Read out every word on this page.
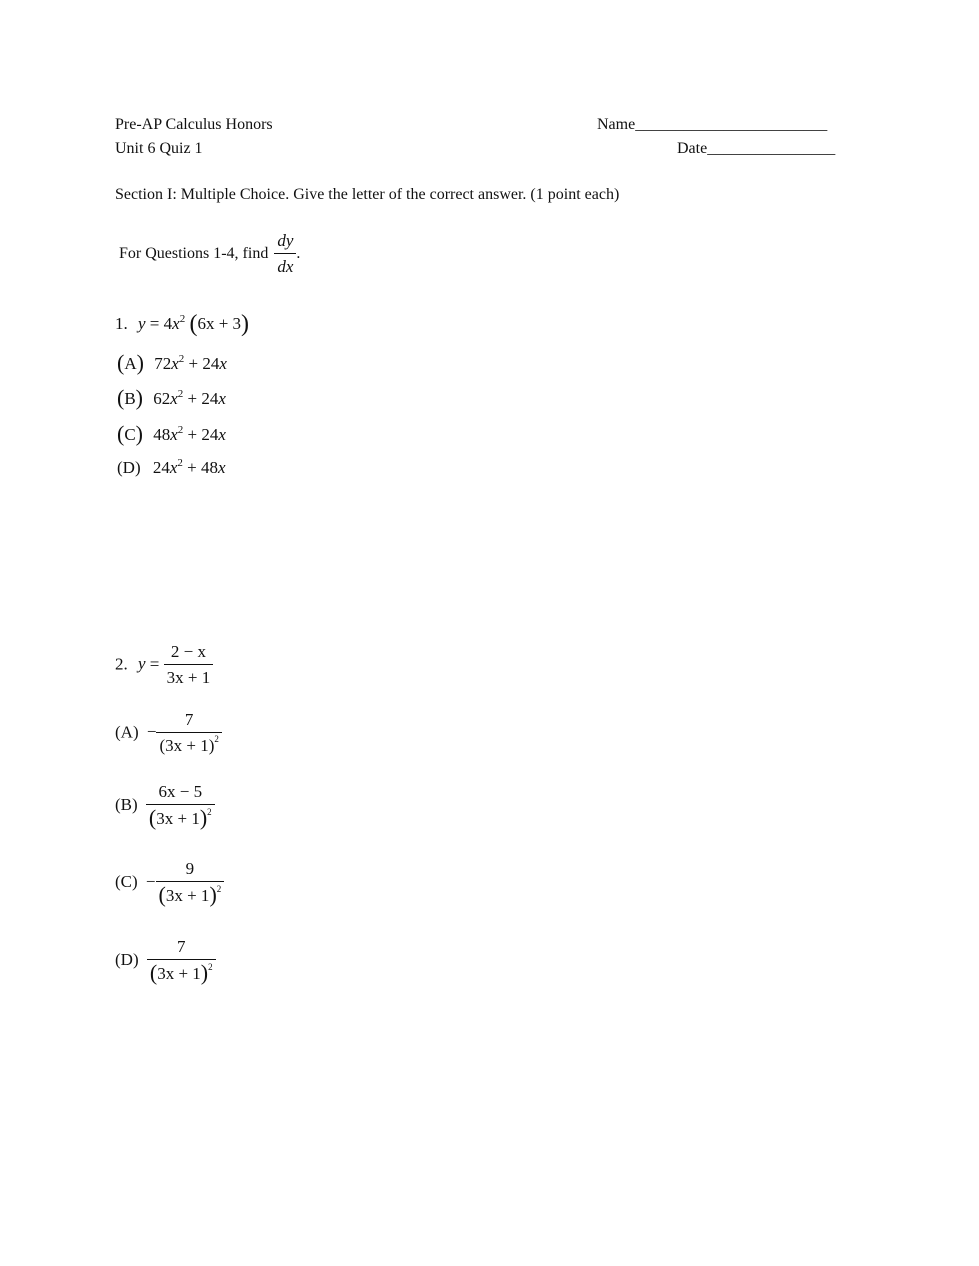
Pre-AP Calculus Honors
Unit 6 Quiz 1
Name________________________
Date________________
Section I: Multiple Choice. Give the letter of the correct answer. (1 point each)
For Questions 1-4, find $\frac{dy}{dx}$ .
1. $y = 4x^2$ (6x + 3)
(A) $72x^2 + 24x$
(B) $62x^2 + 24x$
(C) $48x^2 + 24x$
(D) $24x^2 + 48x$
2. $y = \frac{2 - x}{3x + 1}$
$(A) - \frac{7}{(3x + 1)^2}$
$(B) \frac{6x - 5}{(3x + 1)^2}$
$(C) - \frac{9}{(3x + 1)^2}$
$(D) \frac{7}{(3x + 1)^2}$
